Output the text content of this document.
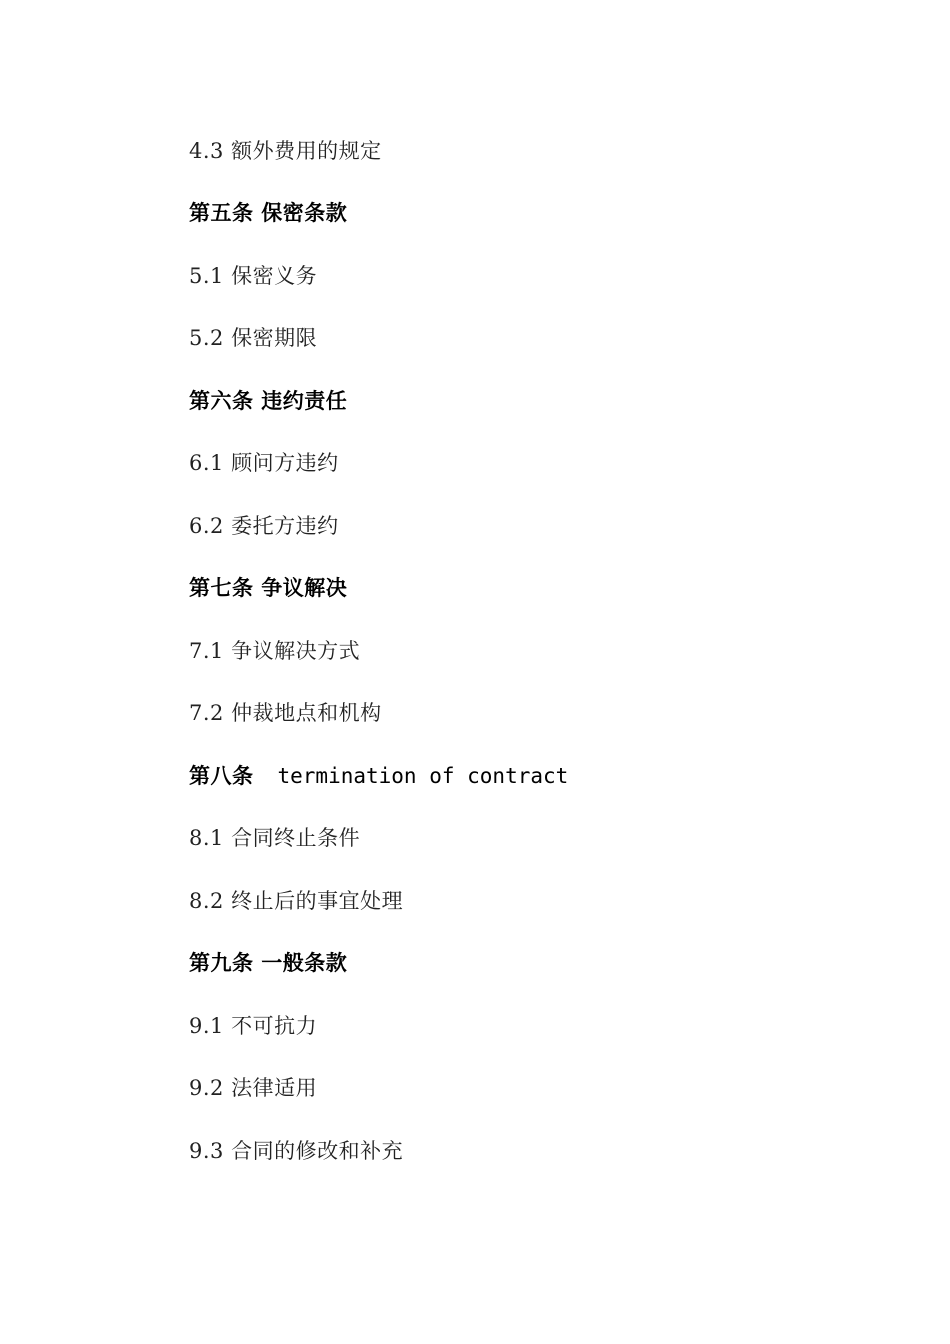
4.3 额外费用的规定
第五条 保密条款
5.1 保密义务
5.2 保密期限
第六条 违约责任
6.1 顾问方违约
6.2 委托方违约
第七条 争议解决
7.1 争议解决方式
7.2 仲裁地点和机构
第八条 termination of contract
8.1 合同终止条件
8.2 终止后的事宜处理
第九条 一般条款
9.1 不可抗力
9.2 法律适用
9.3 合同的修改和补充
